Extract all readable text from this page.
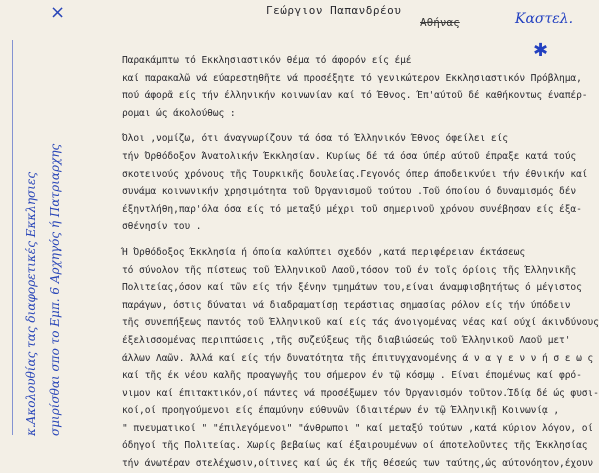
×
κ.Ακολουθίας τας διαφορετικές Εκκλησιες σμιρίσθαι σπο το Εμπ. 6 Αρχηγός ή Πατριαρχης
Γεώργιον Παπανδρέου
Αθήνας	Καστελ.
✱

Παρακάμπτω τό Εκκλησιαστικόν θέμα τό άφορόν είς έμέ

καί παρακαλῶ νά εύαρεστηθῆτε νά προσέξητε τό γενικώτερον Εκκλησιαστικόν Πρόβλημα,

πού άφορᾶ είς τήν έλληνικήν κοινωνίαν καί τό Έθνος. Έπ'αύτοῦ δέ καθήκοντως έναπέρ-

ρομαι ώς άκολούθως :

Όλοι ,νομίζω, ότι άναγνωρίζουν τά όσα τό Έλληνικόν Έθνος όφείλει είς

τήν Όρθόδοξον Άνατολικήν Έκκλησίαν. Κυρίως δέ τά όσα ύπέρ αύτοῦ έπραξε κατά τούς

σκοτεινούς χρόνους τῆς Τουρκικῆς δουλείας.Γεγονός όπερ άποδεικνύει τήν έθνικήν καί

συνάμα κοινωνικήν χρησιμότητα τοῦ Όργανισμοῦ τούτου .Τοῦ όποίου ό δυναμισμός δέν

έξηντλήθη,παρ'όλα όσα είς τό μεταξύ μέχρι τοῦ σημερινοῦ χρόνου συνέβησαν είς έξα-

σθένησίν του .

Ή Όρθόδοξος Έκκλησία ή όποία καλύπτει σχεδόν ,κατά περιφέρειαν έκτάσεως

τό σύνολον τῆς πίστεως τοῦ Έλληνικοῦ Λαοῦ,τόσον τοῦ έν τοῖς όρίοις τῆς Έλληνικῆς

Πολιτείας,όσον καί τῶν είς τήν ξένην τμημάτων του,είναι άναμφισβητήτως ό μέγιστος

παράγων, όστις δύναται νά διαδραματίσῃ τεράστιας σημασίας ρόλον είς τήν ύπόδειν

τῆς συνεπήξεως παντός τοῦ Έλληνικοῦ καί είς τάς άνοιγομένας νέας καί ούχί άκινδύνους

έξελισσομένας περιπτώσεις ,τῆς συζεύξεως τῆς διαβιώσεώς τοῦ Έλληνικοῦ Λαοῦ μετ'

άλλων Λαῶν. Άλλά καί είς τήν δυνατότητα τῆς έπιτυγχανομένης ά ν α γ ε ν ν ή σ ε ω ς

καί τῆς έκ νέου καλῆς προαγωγῆς του σήμερον έν τῷ κόσμῳ . Είναι έπομένως καί φρό-

νιμον καί έπιτακτικόν,οί πάντες νά προσέξωμεν τόν Όργανισμόν τοῦτον.Ίδίᾳ δέ ώς φυσι-

κοί,οί προηγούμενοι είς έπαμύνην εύθυνῶν ίδιαιτέρων έν τῷ Έλληνικῇ Κοινωνίᾳ ,

" πνευματικοί " "έπιλεγόμενοι" "άνθρωποι " καί μεταξύ τούτων ,κατά κύριον λόγον, οί

όδηγοί τῆς Πολιτείας. Χωρίς βεβαίως καί έξαιρουμένων οί άποτελοῦντες τῆς Έκκλησίας

τήν άνωτέραν στελέχωσιν,οίτινες καί ώς έκ τῆς θέσεώς των ταύτης,ώς αύτονόητον,έχουν
